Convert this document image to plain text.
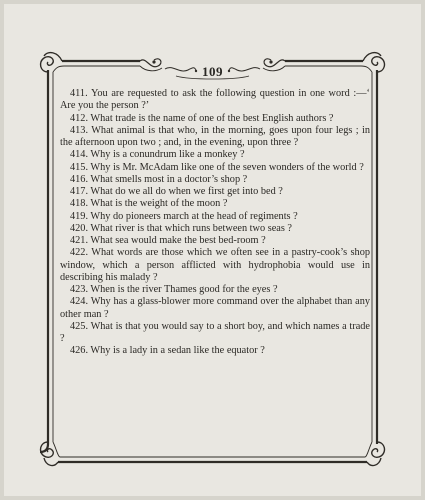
109
411. You are requested to ask the following question in one word :—‘ Are you the person ?’
412. What trade is the name of one of the best English authors ?
413. What animal is that who, in the morning, goes upon four legs ; in the afternoon upon two ; and, in the evening, upon three ?
414. Why is a conundrum like a monkey ?
415. Why is Mr. McAdam like one of the seven wonders of the world ?
416. What smells most in a doctor’s shop ?
417. What do we all do when we first get into bed ?
418. What is the weight of the moon ?
419. Why do pioneers march at the head of regiments ?
420. What river is that which runs between two seas ?
421. What sea would make the best bed-room ?
422. What words are those which we often see in a pastry-cook’s shop window, which a person afflicted with hydrophobia would use in describing his malady ?
423. When is the river Thames good for the eyes ?
424. Why has a glass-blower more command over the alphabet than any other man ?
425. What is that you would say to a short boy, and which names a trade ?
426. Why is a lady in a sedan like the equator ?
